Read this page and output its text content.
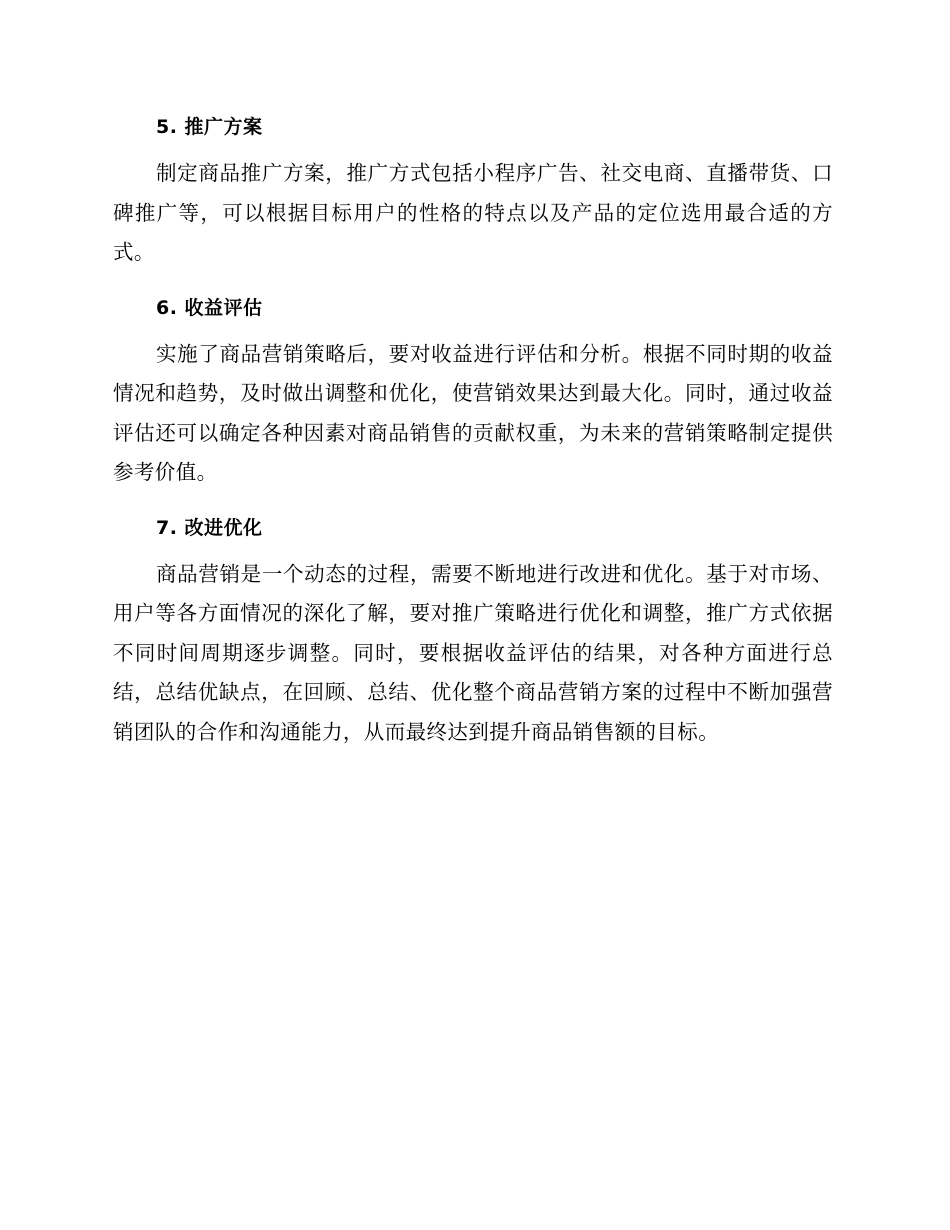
5. 推广方案

制定商品推广方案，推广方式包括小程序广告、社交电商、直播带货、口碑推广等，可以根据目标用户的性格的特点以及产品的定位选用最合适的方式。

6. 收益评估

实施了商品营销策略后，要对收益进行评估和分析。根据不同时期的收益情况和趋势，及时做出调整和优化，使营销效果达到最大化。同时，通过收益评估还可以确定各种因素对商品销售的贡献权重，为未来的营销策略制定提供参考价值。

7. 改进优化

商品营销是一个动态的过程，需要不断地进行改进和优化。基于对市场、用户等各方面情况的深化了解，要对推广策略进行优化和调整，推广方式依据不同时间周期逐步调整。同时，要根据收益评估的结果，对各种方面进行总结，总结优缺点，在回顾、总结、优化整个商品营销方案的过程中不断加强营销团队的合作和沟通能力，从而最终达到提升商品销售额的目标。
